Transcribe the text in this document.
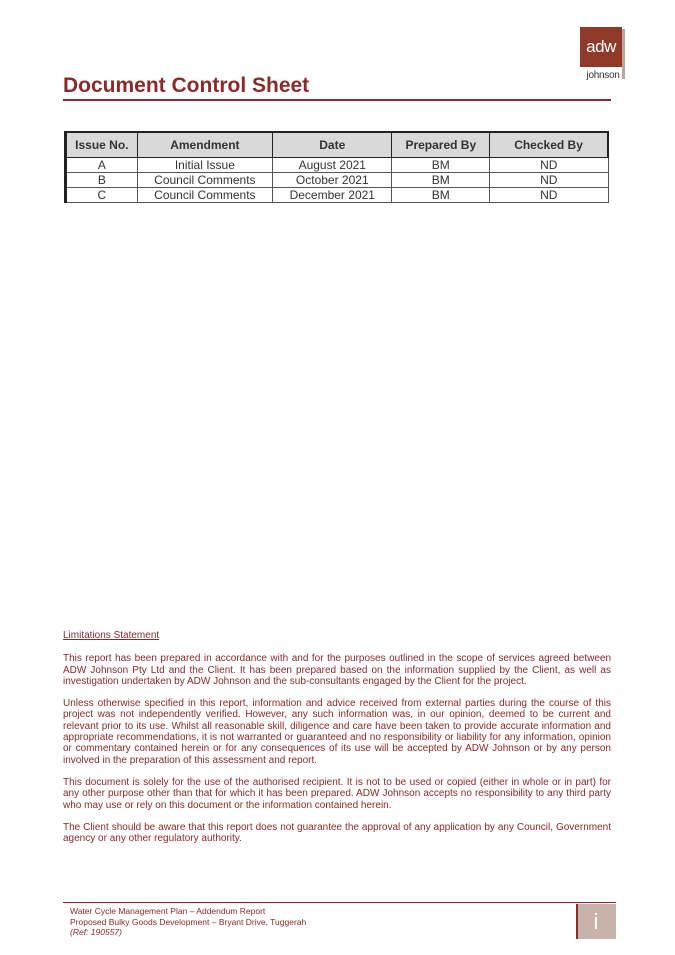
adw
johnson
Document Control Sheet
Issue No.	Amendment	Date	Prepared By	Checked By
A	Initial Issue	August 2021	BM	ND
B	Council Comments	October 2021	BM	ND
C	Council Comments	December 2021	BM	ND
Limitations Statement

This report has been prepared in accordance with and for the purposes outlined in the scope of services agreed between ADW Johnson Pty Ltd and the Client. It has been prepared based on the information supplied by the Client, as well as investigation undertaken by ADW Johnson and the sub-consultants engaged by the Client for the project.

Unless otherwise specified in this report, information and advice received from external parties during the course of this project was not independently verified. However, any such information was, in our opinion, deemed to be current and relevant prior to its use. Whilst all reasonable skill, diligence and care have been taken to provide accurate information and appropriate recommendations, it is not warranted or guaranteed and no responsibility or liability for any information, opinion or commentary contained herein or for any consequences of its use will be accepted by ADW Johnson or by any person involved in the preparation of this assessment and report.

This document is solely for the use of the authorised recipient. It is not to be used or copied (either in whole or in part) for any other purpose other than that for which it has been prepared. ADW Johnson accepts no responsibility to any third party who may use or rely on this document or the information contained herein.

The Client should be aware that this report does not guarantee the approval of any application by any Council, Government agency or any other regulatory authority.

Water Cycle Management Plan – Addendum Report
Proposed Bulky Goods Development – Bryant Drive, Tuggerah
(Ref: 190557)	i
